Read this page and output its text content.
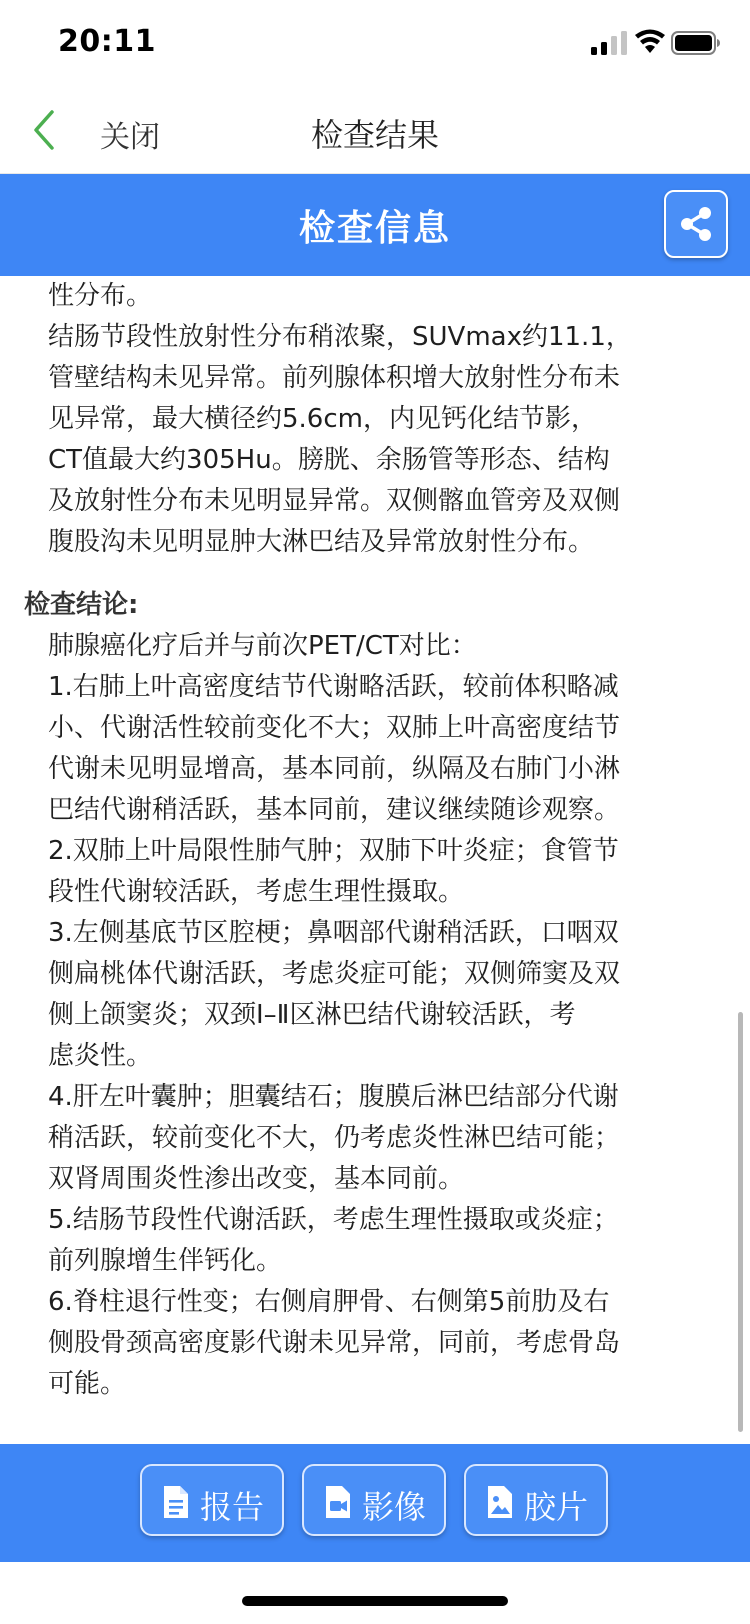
20:11
关闭	检查结果
检查信息
性分布。
结肠节段性放射性分布稍浓聚，SUVmax约11.1，
管壁结构未见异常。前列腺体积增大放射性分布未
见异常，最大横径约5.6cm，内见钙化结节影，
CT值最大约305Hu。膀胱、余肠管等形态、结构
及放射性分布未见明显异常。双侧髂血管旁及双侧
腹股沟未见明显肿大淋巴结及异常放射性分布。
检查结论:
肺腺癌化疗后并与前次PET/CT对比：
1.右肺上叶高密度结节代谢略活跃，较前体积略减
小、代谢活性较前变化不大；双肺上叶高密度结节
代谢未见明显增高，基本同前，纵隔及右肺门小淋
巴结代谢稍活跃，基本同前，建议继续随诊观察。
2.双肺上叶局限性肺气肿；双肺下叶炎症；食管节
段性代谢较活跃，考虑生理性摄取。
3.左侧基底节区腔梗；鼻咽部代谢稍活跃，口咽双
侧扁桃体代谢活跃，考虑炎症可能；双侧筛窦及双
侧上颌窦炎；双颈Ⅰ–Ⅱ区淋巴结代谢较活跃，考
虑炎性。
4.肝左叶囊肿；胆囊结石；腹膜后淋巴结部分代谢
稍活跃，较前变化不大，仍考虑炎性淋巴结可能；
双肾周围炎性渗出改变，基本同前。
5.结肠节段性代谢活跃，考虑生理性摄取或炎症；
前列腺增生伴钙化。
6.脊柱退行性变；右侧肩胛骨、右侧第5前肋及右
侧股骨颈高密度影代谢未见异常，同前，考虑骨岛
可能。
报告	影像	胶片
